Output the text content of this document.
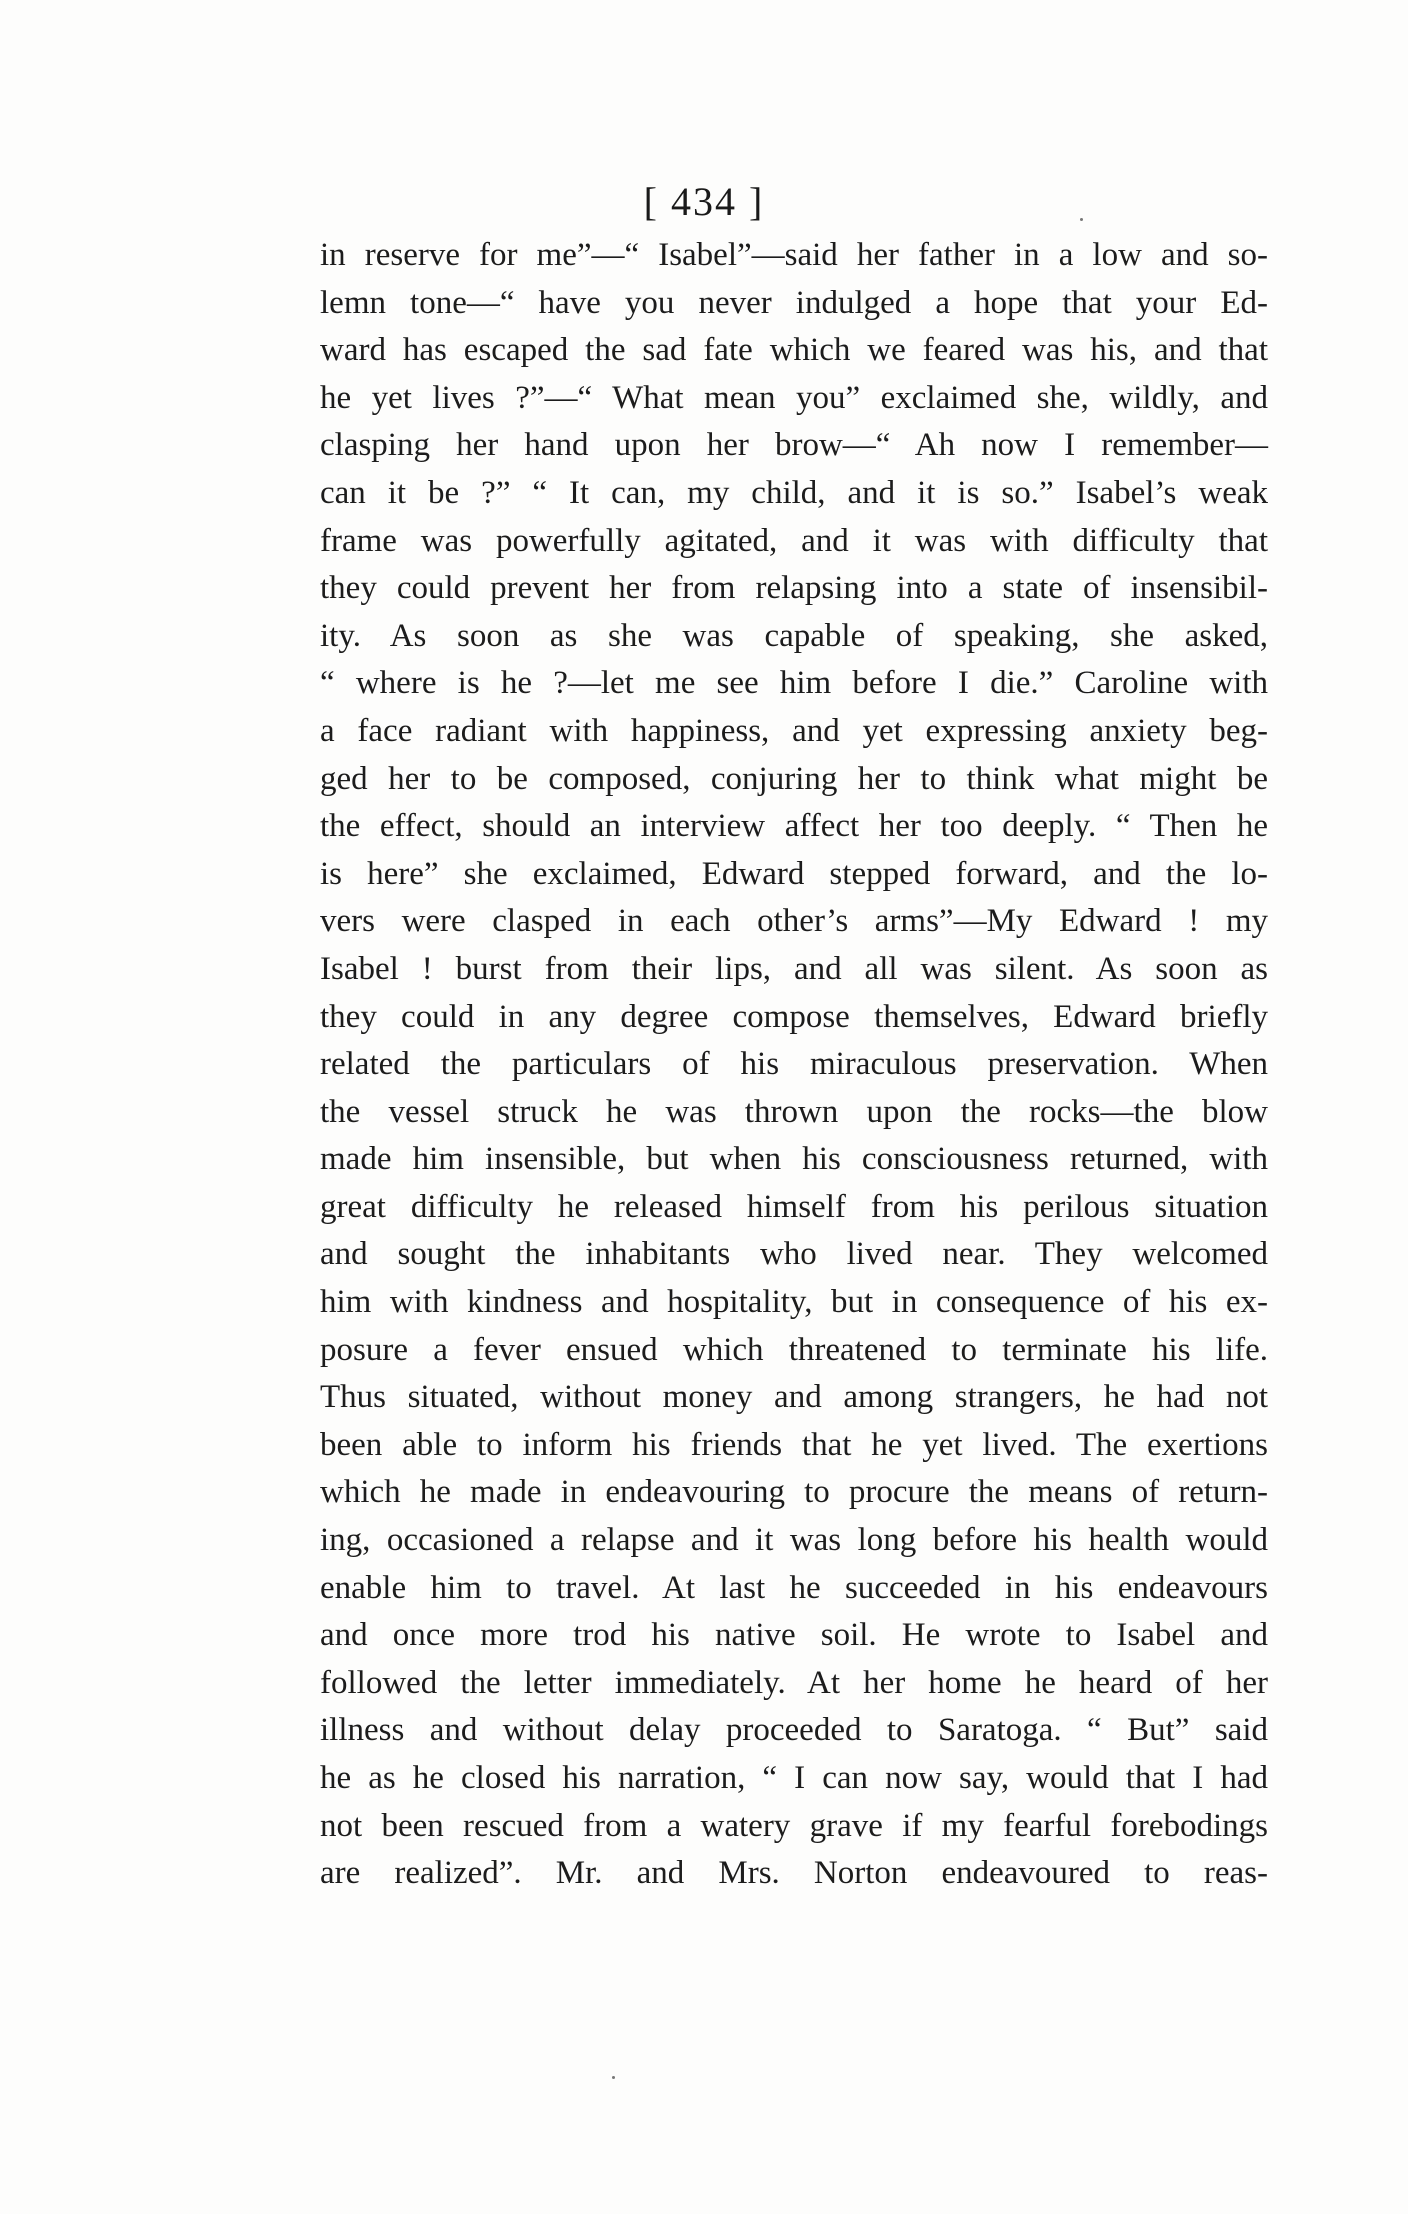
[ 434 ]
in reserve for me”—“ Isabel”—said her father in a low and so-
lemn tone—“ have you never indulged a hope that your Ed-
ward has escaped the sad fate which we feared was his, and that
he yet lives ?”—“ What mean you” exclaimed she, wildly, and
clasping her hand upon her brow—“ Ah now I remember—
can it be ?” “ It can, my child, and it is so.” Isabel’s weak
frame was powerfully agitated, and it was with difficulty that
they could prevent her from relapsing into a state of insensibil-
ity. As soon as she was capable of speaking, she asked,
“ where is he ?—let me see him before I die.” Caroline with
a face radiant with happiness, and yet expressing anxiety beg-
ged her to be composed, conjuring her to think what might be
the effect, should an interview affect her too deeply. “ Then he
is here” she exclaimed, Edward stepped forward, and the lo-
vers were clasped in each other’s arms”—My Edward ! my
Isabel ! burst from their lips, and all was silent. As soon as
they could in any degree compose themselves, Edward briefly
related the particulars of his miraculous preservation. When
the vessel struck he was thrown upon the rocks—the blow
made him insensible, but when his consciousness returned, with
great difficulty he released himself from his perilous situation
and sought the inhabitants who lived near. They welcomed
him with kindness and hospitality, but in consequence of his ex-
posure a fever ensued which threatened to terminate his life.
Thus situated, without money and among strangers, he had not
been able to inform his friends that he yet lived. The exertions
which he made in endeavouring to procure the means of return-
ing, occasioned a relapse and it was long before his health would
enable him to travel. At last he succeeded in his endeavours
and once more trod his native soil. He wrote to Isabel and
followed the letter immediately. At her home he heard of her
illness and without delay proceeded to Saratoga. “ But” said
he as he closed his narration, “ I can now say, would that I had
not been rescued from a watery grave if my fearful forebodings
are realized”. Mr. and Mrs. Norton endeavoured to reas-
